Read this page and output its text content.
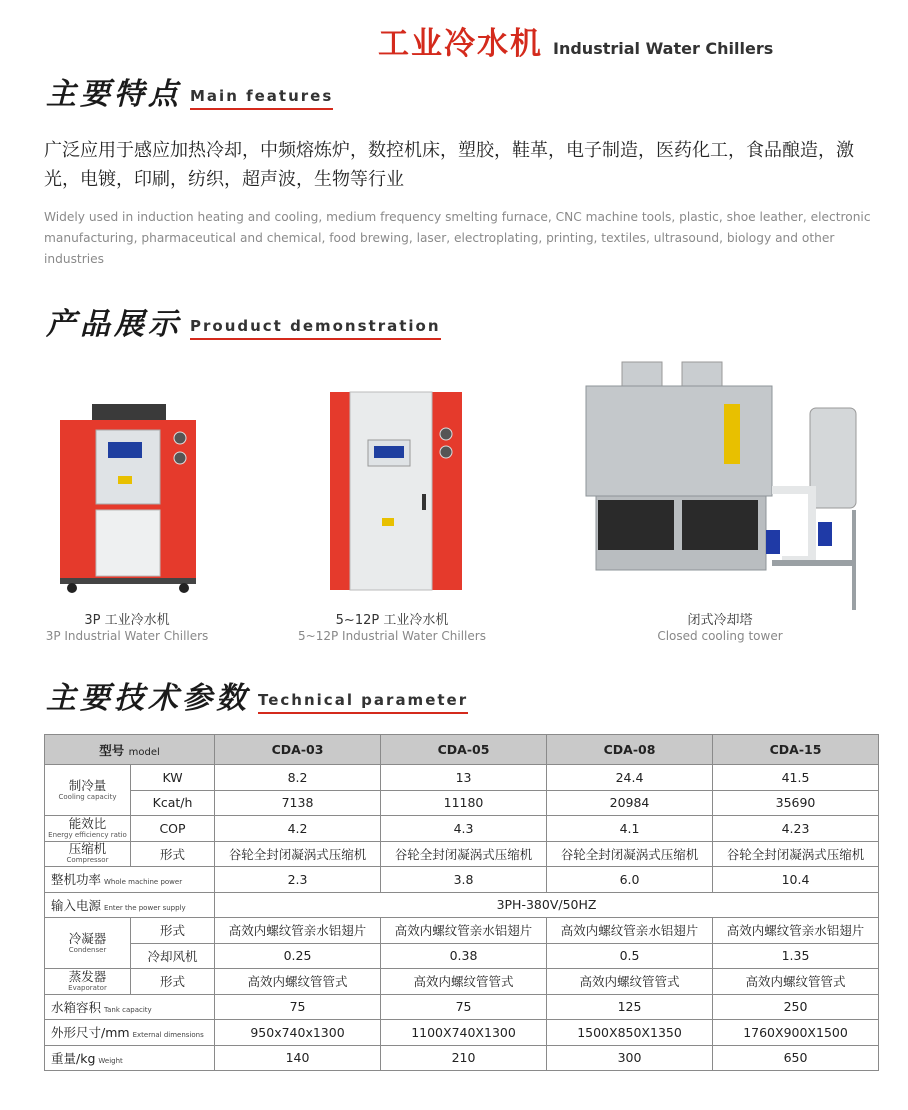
工业冷水机 Industrial Water Chillers
主要特点 Main features
广泛应用于感应加热冷却，中频熔炼炉，数控机床，塑胶，鞋革，电子制造，医药化工，食品酿造，激光，电镀，印刷，纺织，超声波，生物等行业
Widely used in induction heating and cooling, medium frequency smelting furnace, CNC machine tools, plastic, shoe leather, electronic manufacturing, pharmaceutical and chemical, food brewing, laser, electroplating, printing, textiles, ultrasound, biology and other industries
产品展示 Prouduct demonstration
3P 工业冷水机
3P Industrial Water Chillers
5~12P 工业冷水机
5~12P Industrial Water Chillers
闭式冷却塔
Closed cooling tower
主要技术参数 Technical parameter
型号 model		CDA-03	CDA-05	CDA-08	CDA-15

制冷量
Cooling capacity	KW	8.2	13	24.4	41.5
	Kcat/h	7138	11180	20984	35690

能效比
Energy efficiency ratio	COP	4.2	4.3	4.1	4.23

压缩机
Compressor	形式	谷轮全封闭凝涡式压缩机	谷轮全封闭凝涡式压缩机	谷轮全封闭凝涡式压缩机	谷轮全封闭凝涡式压缩机
整机功率 Whole machine power		2.3	3.8	6.0	10.4
输入电源 Enter the power supply		3PH-380V/50HZ			

冷凝器
Condenser	形式	高效内螺纹管亲水铝翅片	高效内螺纹管亲水铝翅片	高效内螺纹管亲水铝翅片	高效内螺纹管亲水铝翅片
	冷却风机	0.25	0.38	0.5	1.35

蒸发器
Evaporator	形式	高效内螺纹管管式	高效内螺纹管管式	高效内螺纹管管式	高效内螺纹管管式
水箱容积 Tank capacity		75	75	125	250
外形尺寸/mm External dimensions		950x740x1300	1100X740X1300	1500X850X1350	1760X900X1500
重量/kg Weight		140	210	300	650
